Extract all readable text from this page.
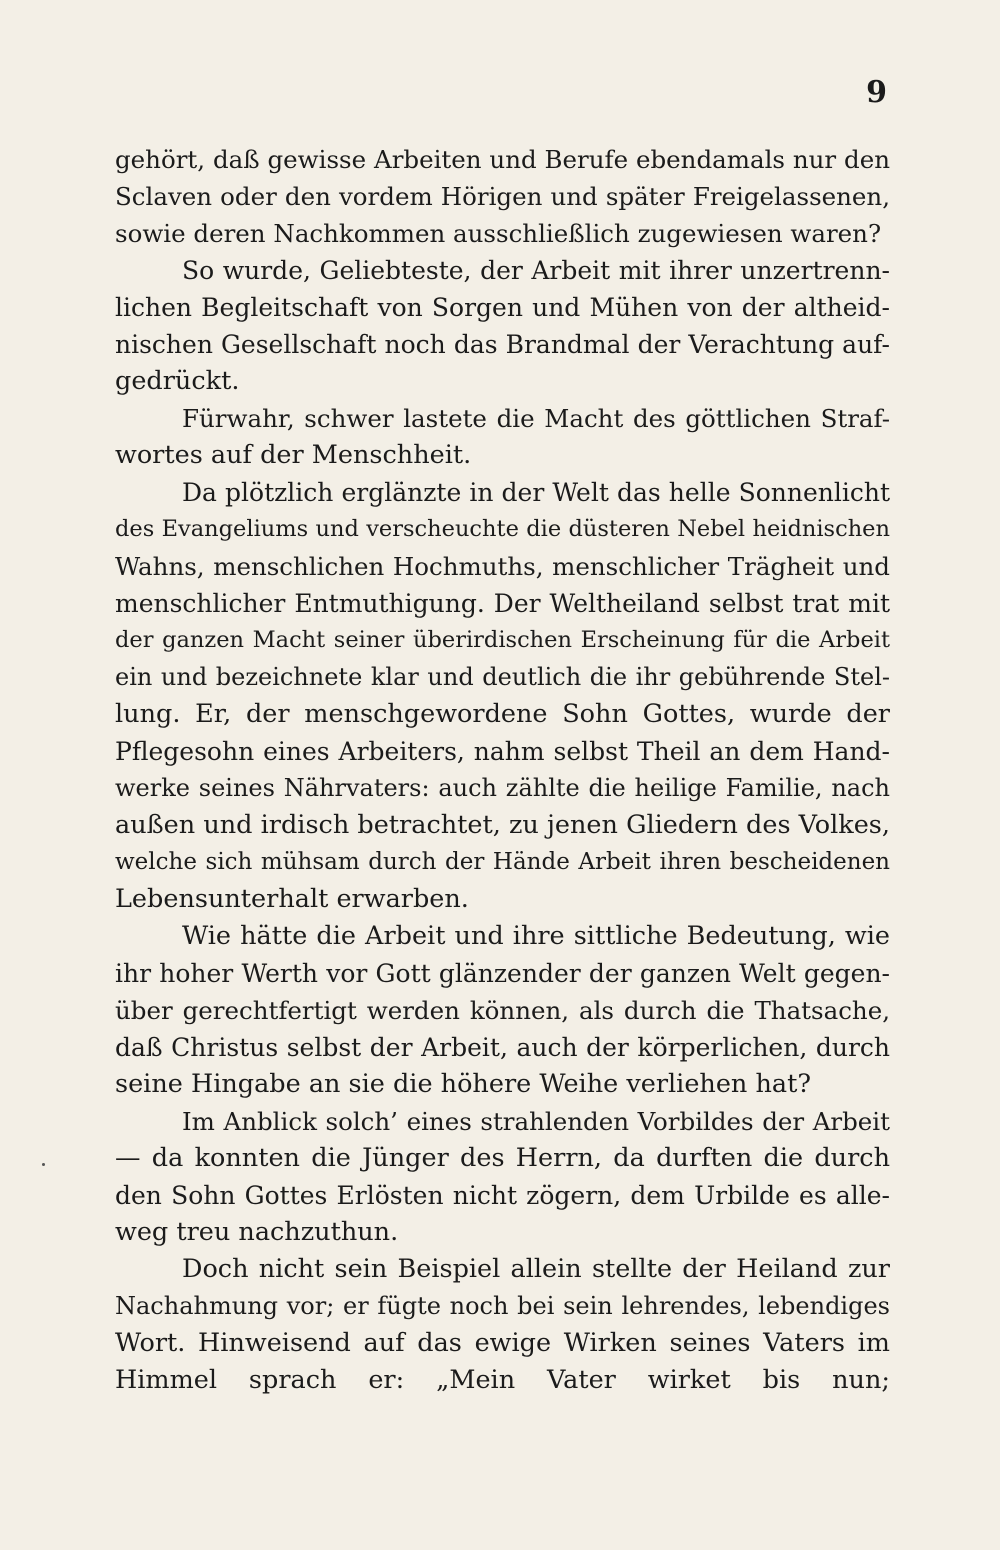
9
gehört, daß gewisse Arbeiten und Berufe ebendamals nur den
Sclaven oder den vordem Hörigen und später Freigelassenen,
sowie deren Nachkommen ausschließlich zugewiesen waren?
So wurde, Geliebteste, der Arbeit mit ihrer unzertrenn-
lichen Begleitschaft von Sorgen und Mühen von der altheid-
nischen Gesellschaft noch das Brandmal der Verachtung auf-
gedrückt.
Fürwahr, schwer lastete die Macht des göttlichen Straf-
wortes auf der Menschheit.
Da plötzlich erglänzte in der Welt das helle Sonnenlicht
des Evangeliums und verscheuchte die düsteren Nebel heidnischen
Wahns, menschlichen Hochmuths, menschlicher Trägheit und
menschlicher Entmuthigung. Der Weltheiland selbst trat mit
der ganzen Macht seiner überirdischen Erscheinung für die Arbeit
ein und bezeichnete klar und deutlich die ihr gebührende Stel-
lung. Er, der menschgewordene Sohn Gottes, wurde der
Pflegesohn eines Arbeiters, nahm selbst Theil an dem Hand-
werke seines Nährvaters: auch zählte die heilige Familie, nach
außen und irdisch betrachtet, zu jenen Gliedern des Volkes,
welche sich mühsam durch der Hände Arbeit ihren bescheidenen
Lebensunterhalt erwarben.
Wie hätte die Arbeit und ihre sittliche Bedeutung, wie
ihr hoher Werth vor Gott glänzender der ganzen Welt gegen-
über gerechtfertigt werden können, als durch die Thatsache,
daß Christus selbst der Arbeit, auch der körperlichen, durch
seine Hingabe an sie die höhere Weihe verliehen hat?
Im Anblick solch’ eines strahlenden Vorbildes der Arbeit
— da konnten die Jünger des Herrn, da durften die durch
den Sohn Gottes Erlösten nicht zögern, dem Urbilde es alle-
weg treu nachzuthun.
Doch nicht sein Beispiel allein stellte der Heiland zur
Nachahmung vor; er fügte noch bei sein lehrendes, lebendiges
Wort. Hinweisend auf das ewige Wirken seines Vaters im
Himmel sprach er: „Mein Vater wirket bis nun;
